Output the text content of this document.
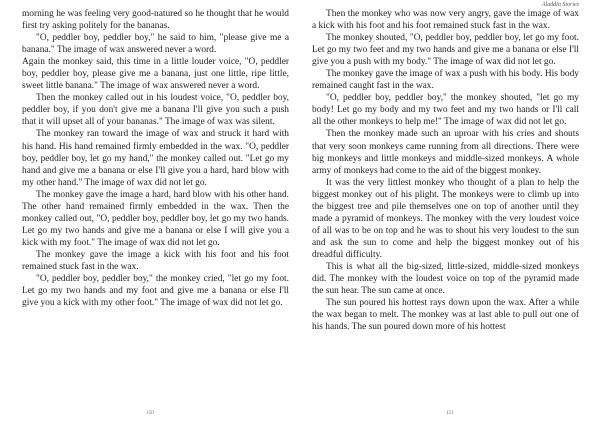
morning he was feeling very good-natured so he thought that he would first try asking politely for the bananas.

"O, peddler boy, peddler boy," he said to him, "please give me a banana." The image of wax answered never a word.

Again the monkey said, this time in a little louder voice, "O, peddler boy, peddler boy, please give me a banana, just one little, ripe little, sweet little banana." The image of wax answered never a word.

Then the monkey called out in his loudest voice, "O, peddler boy, peddler boy, if you don't give me a banana I'll give you such a push that it will upset all of your bananas." The image of wax was silent.

The monkey ran toward the image of wax and struck it hard with his hand. His hand remained firmly embedded in the wax. "O, peddler boy, peddler boy, let go my hand," the monkey called out. "Let go my hand and give me a banana or else I'll give you a hard, hard blow with my other hand." The image of wax did not let go.

The monkey gave the image a hard, hard blow with his other hand. The other hand remained firmly embedded in the wax. Then the monkey called out, "O, peddler boy, peddler boy, let go my two hands. Let go my two hands and give me a banana or else I will give you a kick with my foot." The image of wax did not let go.

The monkey gave the image a kick with his foot and his foot remained stuck fast in the wax.

"O, peddler boy, peddler boy," the monkey cried, "let go my foot. Let go my two hands and my foot and give me a banana or else I'll give you a kick with my other foot." The image of wax did not let go.

150
Aladdin Stories

Then the monkey who was now very angry, gave the image of wax a kick with his foot and his foot remained stuck fast in the wax.

The monkey shouted, "O, peddler boy, peddler boy, let go my foot. Let go my two feet and my two hands and give me a banana or else I'll give you a push with my body." The image of wax did not let go.

The monkey gave the image of wax a push with his body. His body remained caught fast in the wax.

"O, peddler boy, peddler boy," the monkey shouted, "let go my body! Let go my body and my two feet and my two hands or I'll call all the other monkeys to help me!" The image of wax did not let go.

Then the monkey made such an uproar with his cries and shouts that very soon monkeys came running from all directions. There were big monkeys and little monkeys and middle-sized monkeys. A whole army of monkeys had come to the aid of the biggest monkey.

It was the very littlest monkey who thought of a plan to help the biggest monkey out of his plight. The monkeys were to climb up into the biggest tree and pile themselves one on top of another until they made a pyramid of monkeys. The monkey with the very loudest voice of all was to be on top and he was to shout his very loudest to the sun and ask the sun to come and help the biggest monkey out of his dreadful difficulty.

This is what all the big-sized, little-sized, middle-sized monkeys did. The monkey with the loudest voice on top of the pyramid made the sun hear. The sun came at once.

The sun poured his hottest rays down upon the wax. After a while the wax began to melt. The monkey was at last able to pull out one of his hands. The sun poured down more of his hottest

151
